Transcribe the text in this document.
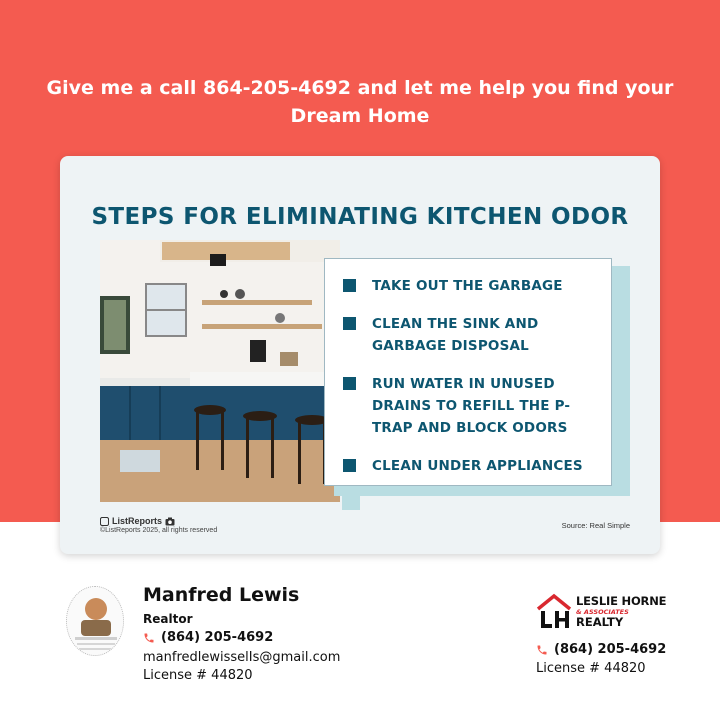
Give me a call 864-205-4692 and let me help you find your Dream Home
STEPS FOR ELIMINATING KITCHEN ODOR
TAKE OUT THE GARBAGE
CLEAN THE SINK AND GARBAGE DISPOSAL
RUN WATER IN UNUSED DRAINS TO REFILL THE P-TRAP AND BLOCK ODORS
CLEAN UNDER APPLIANCES
ListReports
©ListReports 2025, all rights reserved
Source: Real Simple
Manfred Lewis
Realtor
(864) 205-4692
manfredlewisselIs@gmail.com
License # 44820
LESLIE HORNE
& ASSOCIATES
REALTY
(864) 205-4692
License # 44820
